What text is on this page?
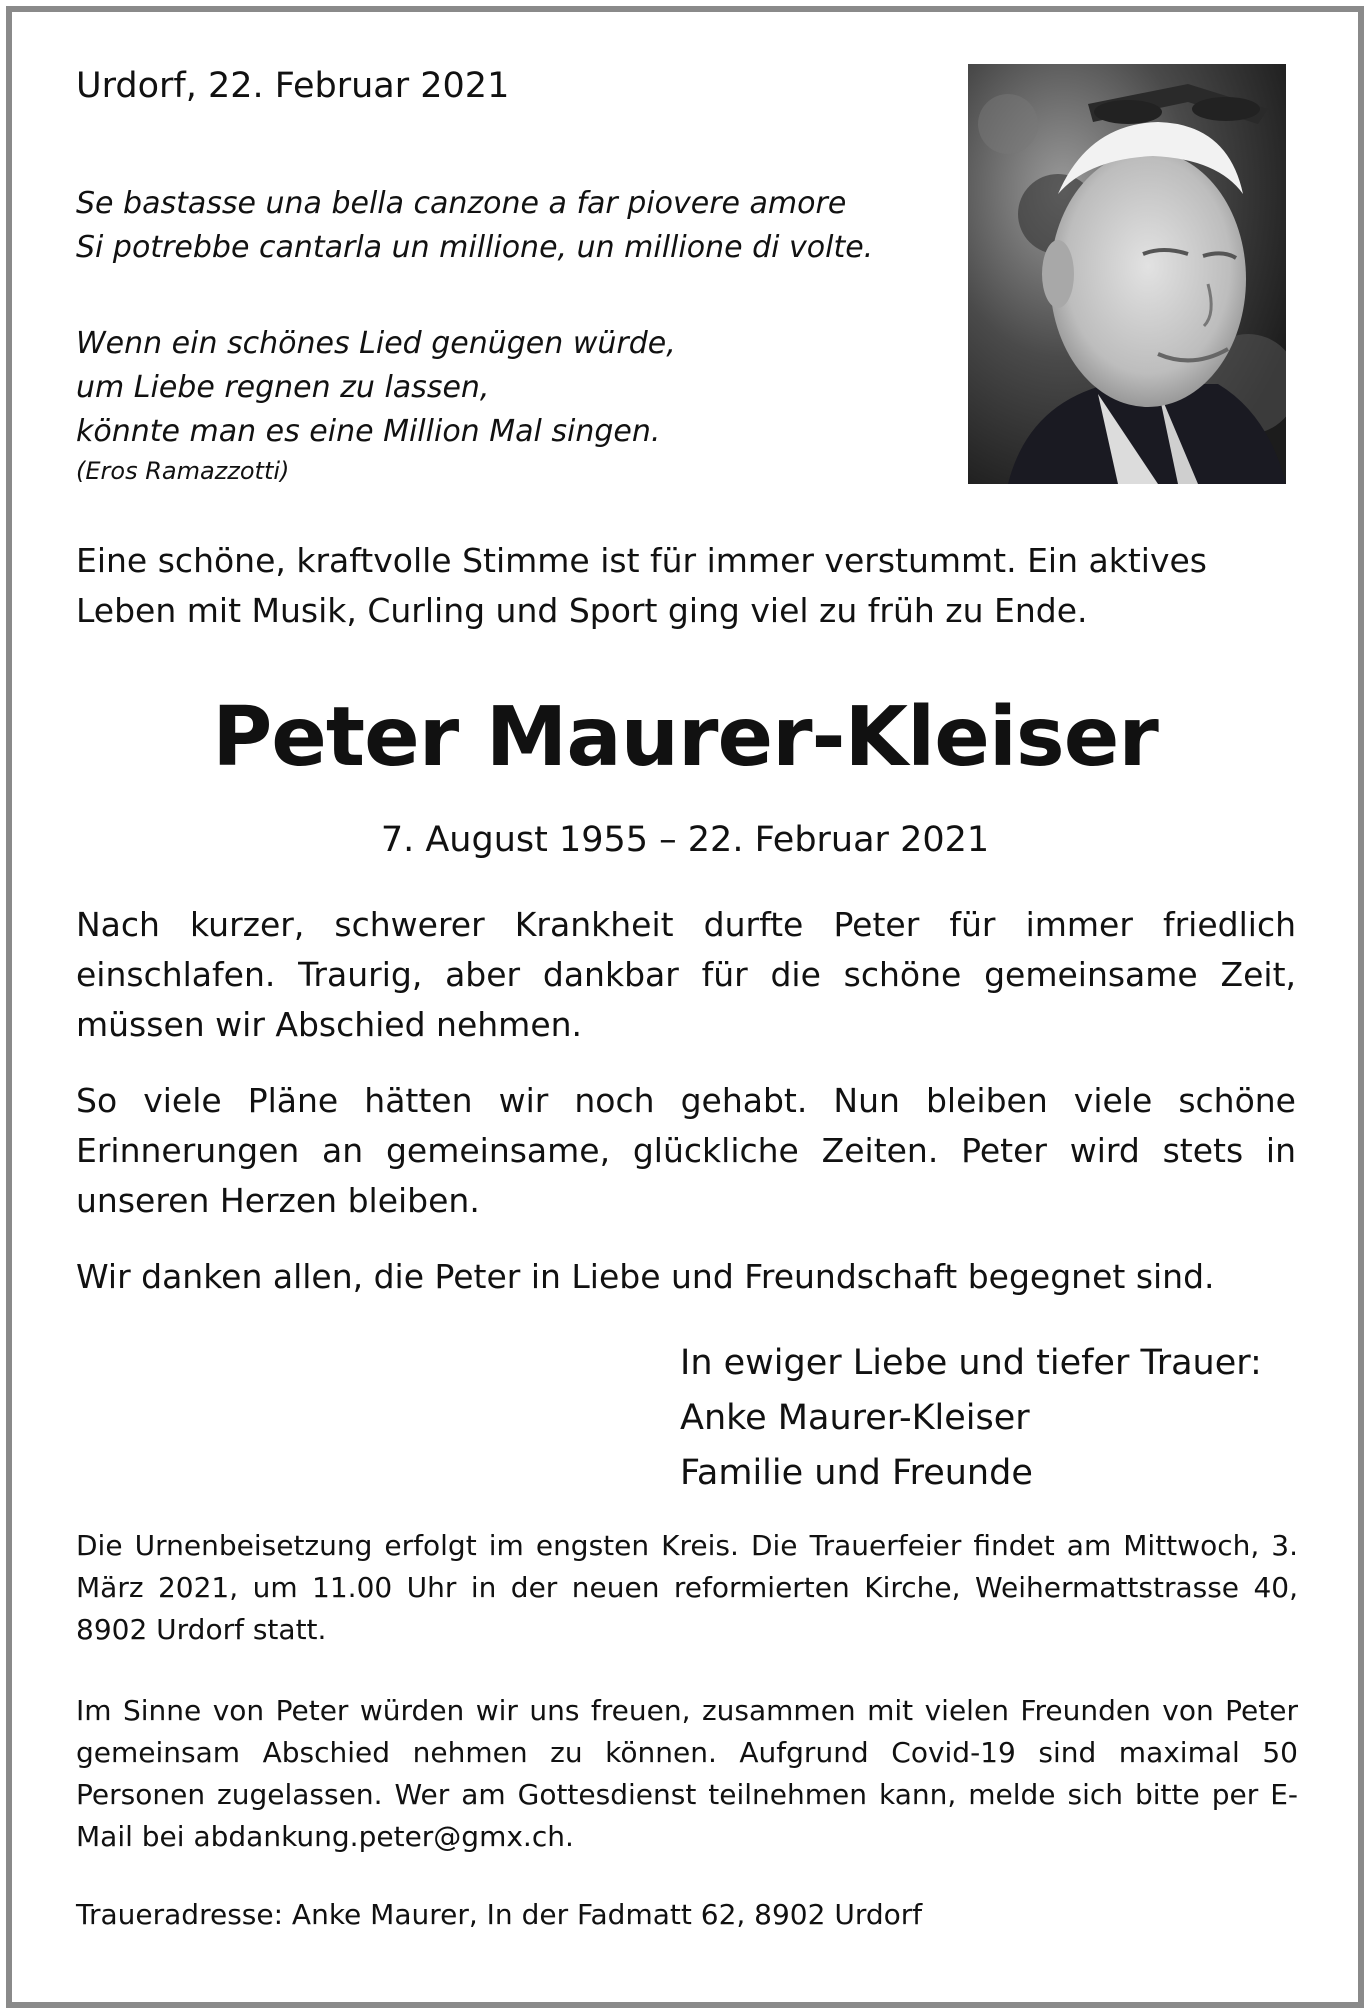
Urdorf, 22. Februar 2021
Se bastasse una bella canzone a far piovere amore
Si potrebbe cantarla un millione, un millione di volte.
Wenn ein schönes Lied genügen würde,
um Liebe regnen zu lassen,
könnte man es eine Million Mal singen.
(Eros Ramazzotti)
Eine schöne, kraftvolle Stimme ist für immer verstummt. Ein aktives Leben mit Musik, Curling und Sport ging viel zu früh zu Ende.
Peter Maurer-Kleiser
7. August 1955 – 22. Februar 2021
Nach kurzer, schwerer Krankheit durfte Peter für immer friedlich einschlafen. Traurig, aber dankbar für die schöne gemeinsame Zeit, müssen wir Abschied nehmen.
So viele Pläne hätten wir noch gehabt. Nun bleiben viele schöne Erinnerungen an gemeinsame, glückliche Zeiten. Peter wird stets in unseren Herzen bleiben.
Wir danken allen, die Peter in Liebe und Freundschaft begegnet sind.
In ewiger Liebe und tiefer Trauer:
Anke Maurer-Kleiser
Familie und Freunde
Die Urnenbeisetzung erfolgt im engsten Kreis. Die Trauerfeier findet am Mittwoch, 3. März 2021, um 11.00 Uhr in der neuen reformierten Kirche, Weihermattstrasse 40, 8902 Urdorf statt.
Im Sinne von Peter würden wir uns freuen, zusammen mit vielen Freunden von Peter gemeinsam Abschied nehmen zu können. Aufgrund Covid-19 sind maximal 50 Personen zugelassen. Wer am Gottesdienst teilnehmen kann, melde sich bitte per E-Mail bei abdankung.peter@gmx.ch.
Traueradresse: Anke Maurer, In der Fadmatt 62, 8902 Urdorf
